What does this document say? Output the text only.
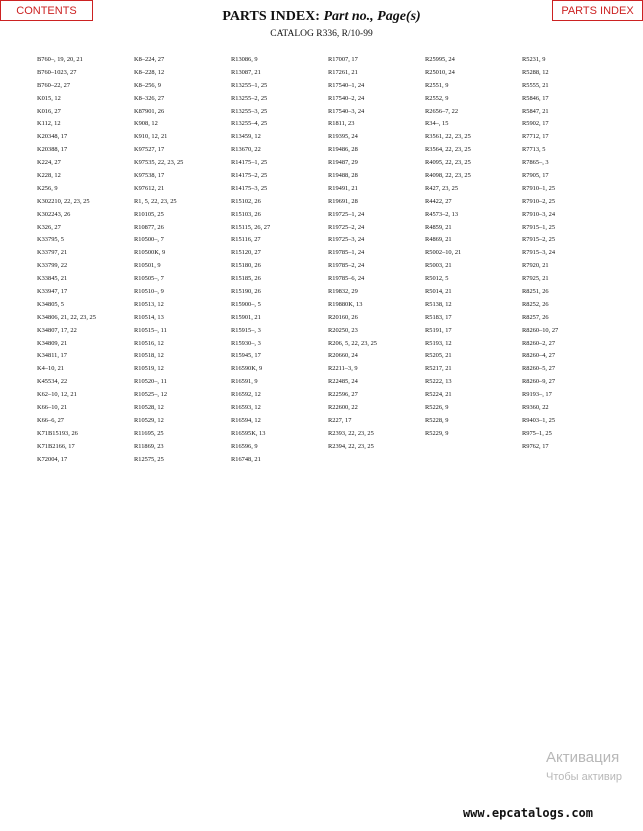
CONTENTS	PARTS INDEX
PARTS INDEX: Part no., Page(s)
CATALOG R336, R/10-99
B760–, 19, 20, 21
B760–1023, 27
B760–22, 27
K015, 12
K016, 27
K112, 12
K20348, 17
K20388, 17
K224, 27
K228, 12
K256, 9
K302210, 22, 23, 25
K302243, 26
K326, 27
K33795, 5
K33797, 21
K33799, 22
K33845, 21
K33947, 17
K34805, 5
K34806, 21, 22, 23, 25
K34807, 17, 22
K34809, 21
K34811, 17
K4–10, 21
K45534, 22
K62–10, 12, 21
K66–10, 21
K66–6, 27
K71B15193, 26
K71B2166, 17
K72004, 17
K8–224, 27
K8–228, 12
K8–256, 9
K8–326, 27
K87901, 26
K908, 12
K910, 12, 21
K97527, 17
K97535, 22, 23, 25
K97538, 17
K97612, 21
R1, 5, 22, 23, 25
R10105, 25
R10877, 26
R10500–, 7
R10500K, 9
R10501, 9
R10505–, 7
R10510–, 9
R10513, 12
R10514, 13
R10515–, 11
R10516, 12
R10518, 12
R10519, 12
R10520–, 11
R10525–, 12
R10528, 12
R10529, 12
R11695, 25
R11869, 23
R12575, 25
R13086, 9
R13087, 21
R13255–1, 25
R13255–2, 25
R13255–3, 25
R13255–4, 25
R13459, 12
R13670, 22
R14175–1, 25
R14175–2, 25
R14175–3, 25
R15102, 26
R15103, 26
R15115, 26, 27
R15116, 27
R15120, 27
R15180, 26
R15185, 26
R15190, 26
R15900–, 5
R15901, 21
R15915–, 3
R15930–, 3
R15945, 17
R16590K, 9
R16591, 9
R16592, 12
R16593, 12
R16594, 12
R16595K, 13
R16596, 9
R16748, 21
R17007, 17
R17261, 21
R17540–1, 24
R17540–2, 24
R17540–3, 24
R1811, 23
R19395, 24
R19486, 28
R19487, 29
R19488, 28
R19491, 21
R19691, 28
R19725–1, 24
R19725–2, 24
R19725–3, 24
R19785–1, 24
R19785–2, 24
R19785–6, 24
R19832, 29
R19880K, 13
R20160, 26
R20250, 23
R206, 5, 22, 23, 25
R20660, 24
R2211–3, 9
R22485, 24
R22596, 27
R22600, 22
R227, 17
R2393, 22, 23, 25
R2394, 22, 23, 25
R25995, 24
R25010, 24
R2551, 9
R2552, 9
R2656–7, 22
R34–, 15
R3561, 22, 23, 25
R3564, 22, 23, 25
R4095, 22, 23, 25
R4098, 22, 23, 25
R427, 23, 25
R4422, 27
R4573–2, 13
R4859, 21
R4869, 21
R5002–10, 21
R5003, 21
R5012, 5
R5014, 21
R5138, 12
R5183, 17
R5191, 17
R5193, 12
R5205, 21
R5217, 21
R5222, 13
R5224, 21
R5226, 9
R5228, 9
R5229, 9
R5231, 9
R5288, 12
R5555, 21
R5846, 17
R5847, 21
R5902, 17
R7712, 17
R7713, 5
R7865–, 3
R7905, 17
R7910–1, 25
R7910–2, 25
R7910–3, 24
R7915–1, 25
R7915–2, 25
R7915–3, 24
R7920, 21
R7925, 21
R8251, 26
R8252, 26
R8257, 26
R8260–10, 27
R8260–2, 27
R8260–4, 27
R8260–5, 27
R8260–9, 27
R9193–, 17
R9360, 22
R9403–1, 25
R975–1, 25
R9762, 17
Активация
Чтобы активир
www.epcatalogs.com
